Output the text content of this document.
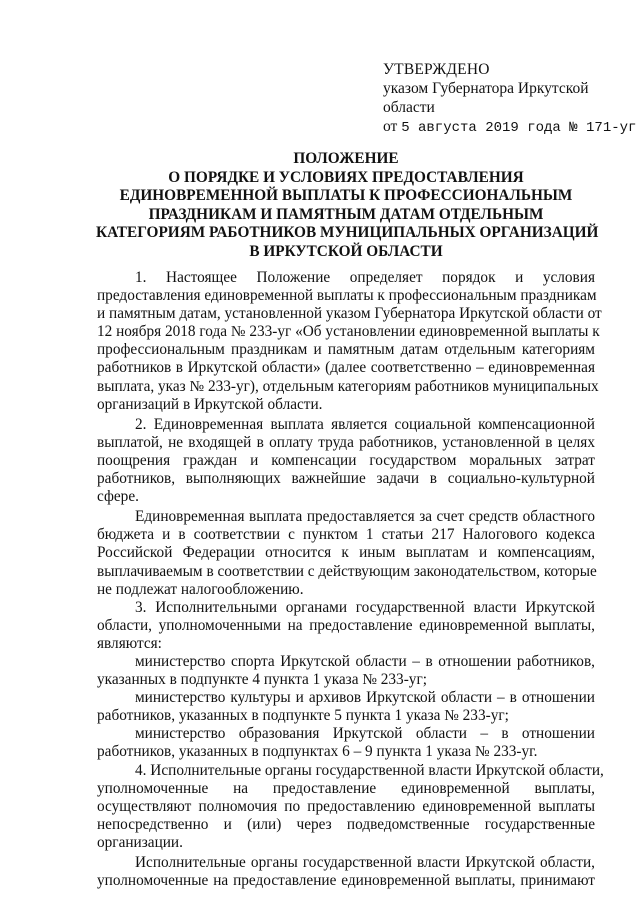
УТВЕРЖДЕНО
указом Губернатора Иркутской
области
от 5 августа 2019 года № 171-уг
ПОЛОЖЕНИЕ
О ПОРЯДКЕ И УСЛОВИЯХ ПРЕДОСТАВЛЕНИЯ
ЕДИНОВРЕМЕННОЙ ВЫПЛАТЫ К ПРОФЕССИОНАЛЬНЫМ
ПРАЗДНИКАМ И ПАМЯТНЫМ ДАТАМ ОТДЕЛЬНЫМ
КАТЕГОРИЯМ РАБОТНИКОВ МУНИЦИПАЛЬНЫХ ОРГАНИЗАЦИЙ
В ИРКУТСКОЙ ОБЛАСТИ
1. Настоящее Положение определяет порядок и условия
предоставления единовременной выплаты к профессиональным праздникам
и памятным датам, установленной указом Губернатора Иркутской области от
12 ноября 2018 года № 233-уг «Об установлении единовременной выплаты к
профессиональным праздникам и памятным датам отдельным категориям
работников в Иркутской области» (далее соответственно – единовременная
выплата, указ № 233-уг), отдельным категориям работников муниципальных
организаций в Иркутской области.
2. Единовременная выплата является социальной компенсационной
выплатой, не входящей в оплату труда работников, установленной в целях
поощрения граждан и компенсации государством моральных затрат
работников, выполняющих важнейшие задачи в социально-культурной
сфере.
Единовременная выплата предоставляется за счет средств областного
бюджета и в соответствии с пунктом 1 статьи 217 Налогового кодекса
Российской Федерации относится к иным выплатам и компенсациям,
выплачиваемым в соответствии с действующим законодательством, которые
не подлежат налогообложению.
3. Исполнительными органами государственной власти Иркутской
области, уполномоченными на предоставление единовременной выплаты,
являются:
министерство спорта Иркутской области – в отношении работников,
указанных в подпункте 4 пункта 1 указа № 233-уг;
министерство культуры и архивов Иркутской области – в отношении
работников, указанных в подпункте 5 пункта 1 указа № 233-уг;
министерство образования Иркутской области – в отношении
работников, указанных в подпунктах 6 – 9 пункта 1 указа № 233-уг.
4. Исполнительные органы государственной власти Иркутской области,
уполномоченные на предоставление единовременной выплаты,
осуществляют полномочия по предоставлению единовременной выплаты
непосредственно и (или) через подведомственные государственные
организации.
Исполнительные органы государственной власти Иркутской области,
уполномоченные на предоставление единовременной выплаты, принимают
